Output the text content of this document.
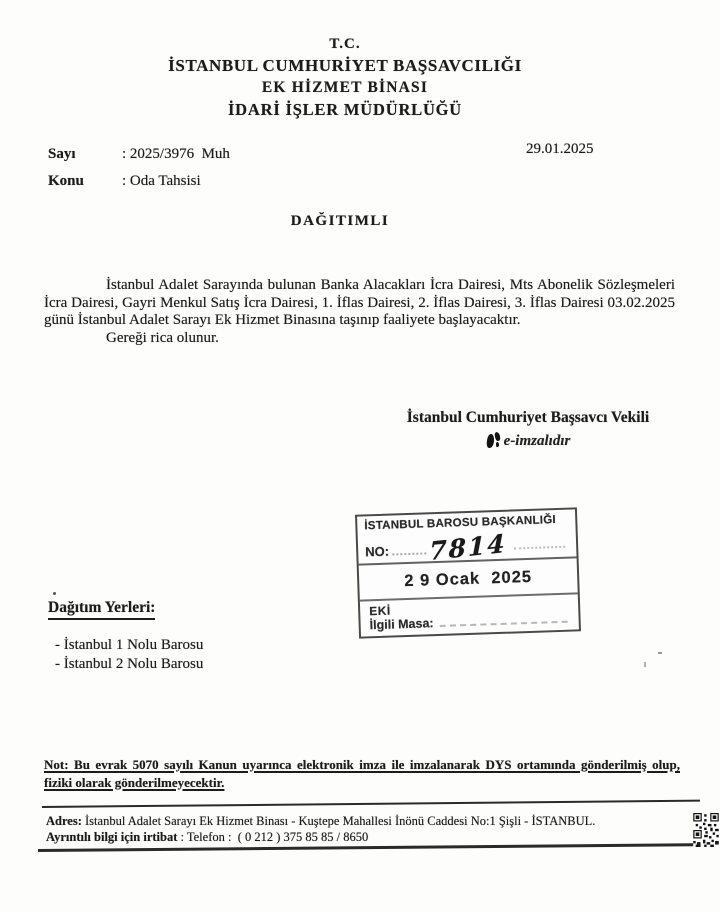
T.C.
İSTANBUL CUMHURİYET BAŞSAVCILIĞI
EK HİZMET BİNASI
İDARİ İŞLER MÜDÜRLÜĞÜ
Sayı	: 2025/3976  Muh
Konu	: Oda Tahsisi
29.01.2025
DAĞITIMLI

İstanbul Adalet Sarayında bulunan Banka Alacakları İcra Dairesi, Mts Abonelik Sözleşmeleri İcra Dairesi, Gayri Menkul Satış İcra Dairesi, 1. İflas Dairesi, 2. İflas Dairesi, 3. İflas Dairesi 03.02.2025 günü İstanbul Adalet Sarayı Ek Hizmet Binasına taşınıp faaliyete başlayacaktır.

Gereği rica olunur.

İstanbul Cumhuriyet Başsavcı Vekili
e-imzalıdır
İSTANBUL BAROSU BAŞKANLIĞI
NO: 7814
2 9 Ocak  2025
EKİ
İlgili Masa:
Dağıtım Yerleri:
- İstanbul 1 Nolu Barosu
- İstanbul 2 Nolu Barosu
Not: Bu evrak 5070 sayılı Kanun uyarınca elektronik imza ile imzalanarak DYS ortamında gönderilmiş olup, fiziki olarak gönderilmeyecektir.
Adres: İstanbul Adalet Sarayı Ek Hizmet Binası - Kuştepe Mahallesi İnönü Caddesi No:1 Şişli - İSTANBUL.
Ayrıntılı bilgi için irtibat : Telefon :  ( 0 212 ) 375 85 85 / 8650
